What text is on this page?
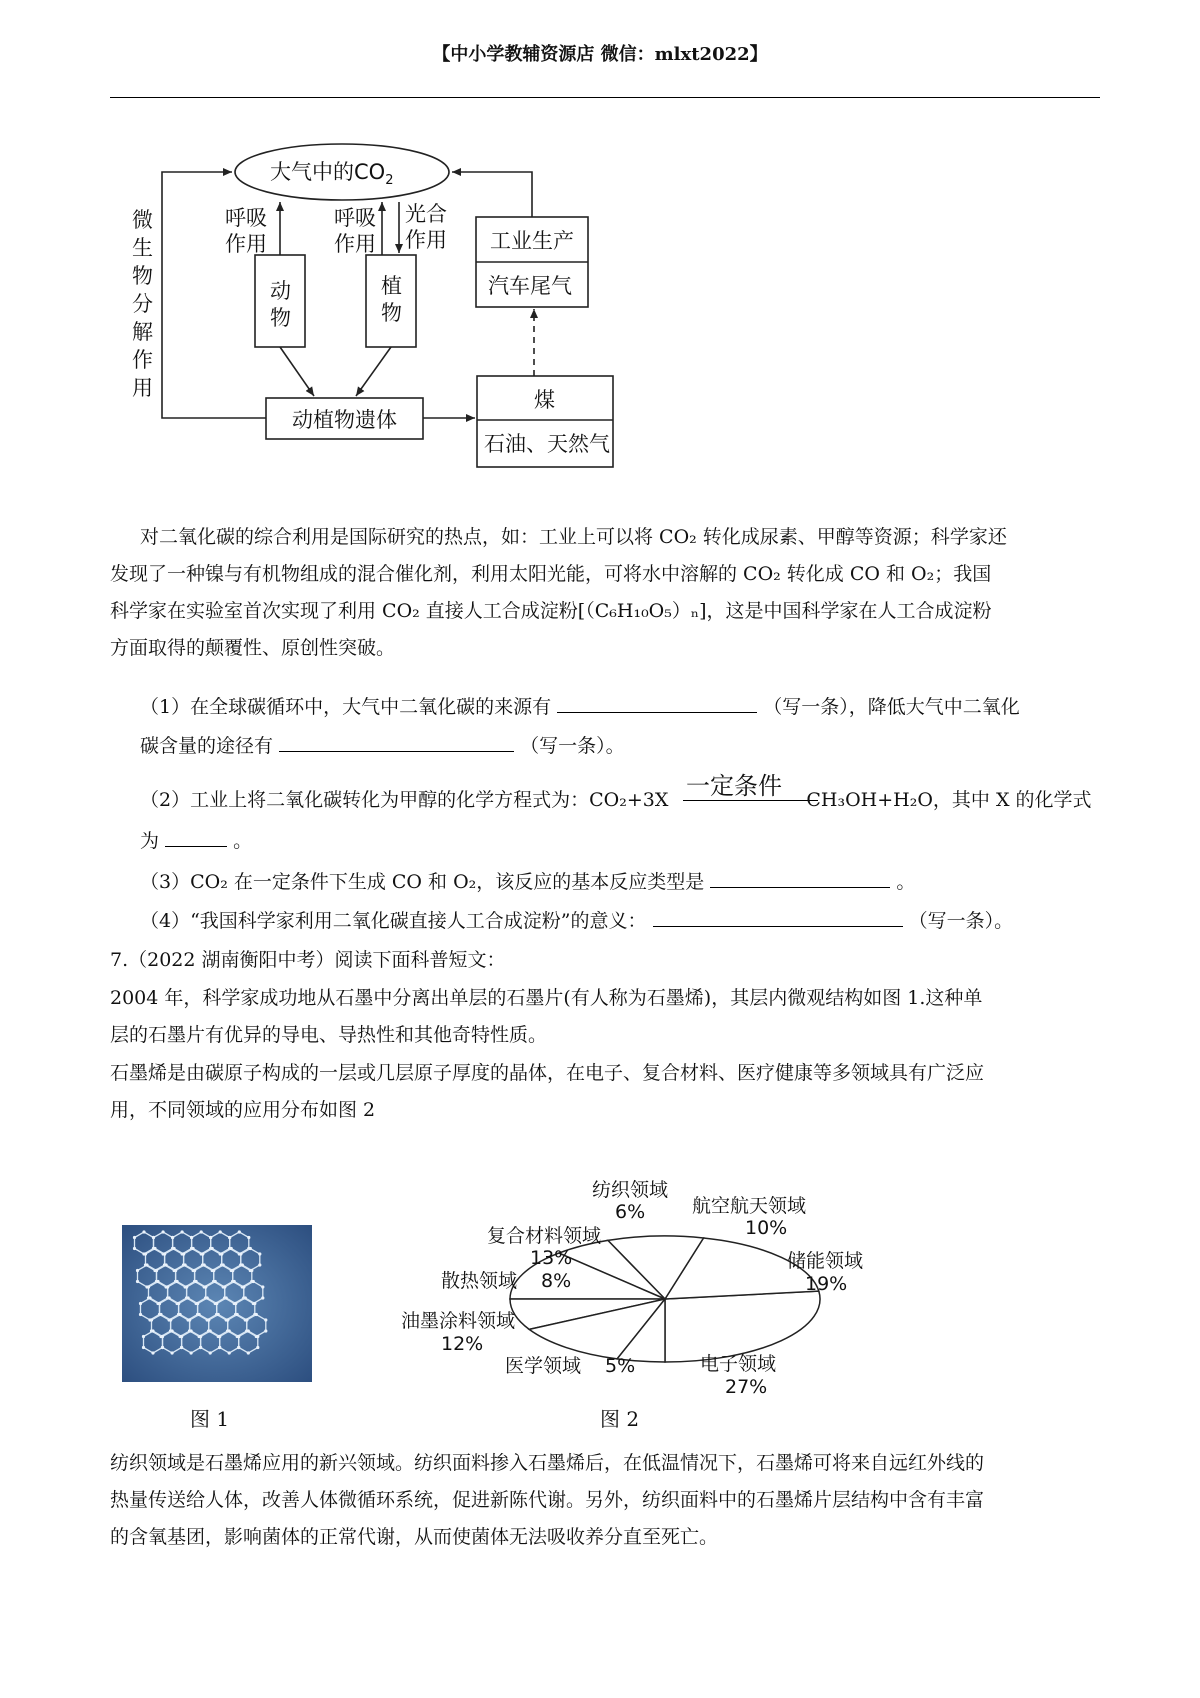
【中小学教辅资源店 微信：mlxt2022】
大气中的$CO_2$
微
生
物
分
解
作
用
呼吸
作用
呼吸
作用
光合
作用
动
物
植
物
工业生产
汽车尾气
动植物遗体
煤
石油、天然气
对二氧化碳的综合利用是国际研究的热点，如：工业上可以将 CO₂ 转化成尿素、甲醇等资源；科学家还
发现了一种镍与有机物组成的混合催化剂，利用太阳光能，可将水中溶解的 CO₂ 转化成 CO 和 O₂；我国
科学家在实验室首次实现了利用 CO₂ 直接人工合成淀粉[（C₆H₁₀O₅）ₙ]，这是中国科学家在人工合成淀粉
方面取得的颠覆性、原创性突破。
（1）在全球碳循环中，大气中二氧化碳的来源有	（写一条），降低大气中二氧化
碳含量的途径有	（写一条）。
一定条件
（2）工业上将二氧化碳转化为甲醇的化学方程式为：CO₂+3X	CH₃OH+H₂O，其中 X 的化学式
为	。
（3）CO₂ 在一定条件下生成 CO 和 O₂，该反应的基本反应类型是	。
（4）“我国科学家利用二氧化碳直接人工合成淀粉”的意义：	（写一条）。
7.（2022 湖南衡阳中考）阅读下面科普短文：
2004 年，科学家成功地从石墨中分离出单层的石墨片(有人称为石墨烯)，其层内微观结构如图 1.这种单
层的石墨片有优异的导电、导热性和其他奇特性质。
石墨烯是由碳原子构成的一层或几层原子厚度的晶体，在电子、复合材料、医疗健康等多领域具有广泛应
用，不同领域的应用分布如图 2
图 1
纺织领域
6% 航空航天领域
10%
复合材料领域
13%	储能领域
19%
散热领域 8%
油墨涂料领域
12%
医学领域 5%	电子领域
27%
图 2
纺织领域是石墨烯应用的新兴领域。纺织面料掺入石墨烯后，在低温情况下，石墨烯可将来自远红外线的
热量传送给人体，改善人体微循环系统，促进新陈代谢。另外，纺织面料中的石墨烯片层结构中含有丰富
的含氧基团，影响菌体的正常代谢，从而使菌体无法吸收养分直至死亡。
